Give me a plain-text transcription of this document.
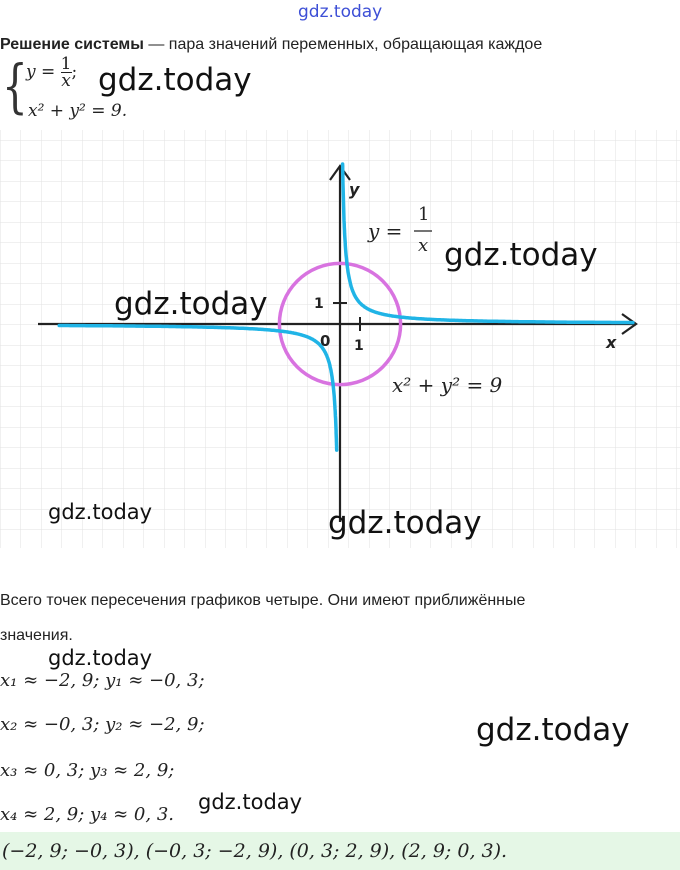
gdz.today
Решение системы — пара значений переменных, обращающая каждое
{
$y = \frac{1}{x}$ ; gdz.today
x² + y² = 9.
y
x
0 1
1
y =
1
x
x² + y² = 9
gdz.today
gdz.today
gdz.today	gdz.today
Всего точек пересечения графиков четыре. Они имеют приближённые
значения.
gdz.today
x₁ ≈ −2, 9; y₁ ≈ −0, 3;
x₂ ≈ −0, 3; y₂ ≈ −2, 9;
x₃ ≈ 0, 3; y₃ ≈ 2, 9;
x₄ ≈ 2, 9; y₄ ≈ 0, 3.
gdz.today
gdz.today
(−2, 9; −0, 3), (−0, 3; −2, 9), (0, 3; 2, 9), (2, 9; 0, 3).
